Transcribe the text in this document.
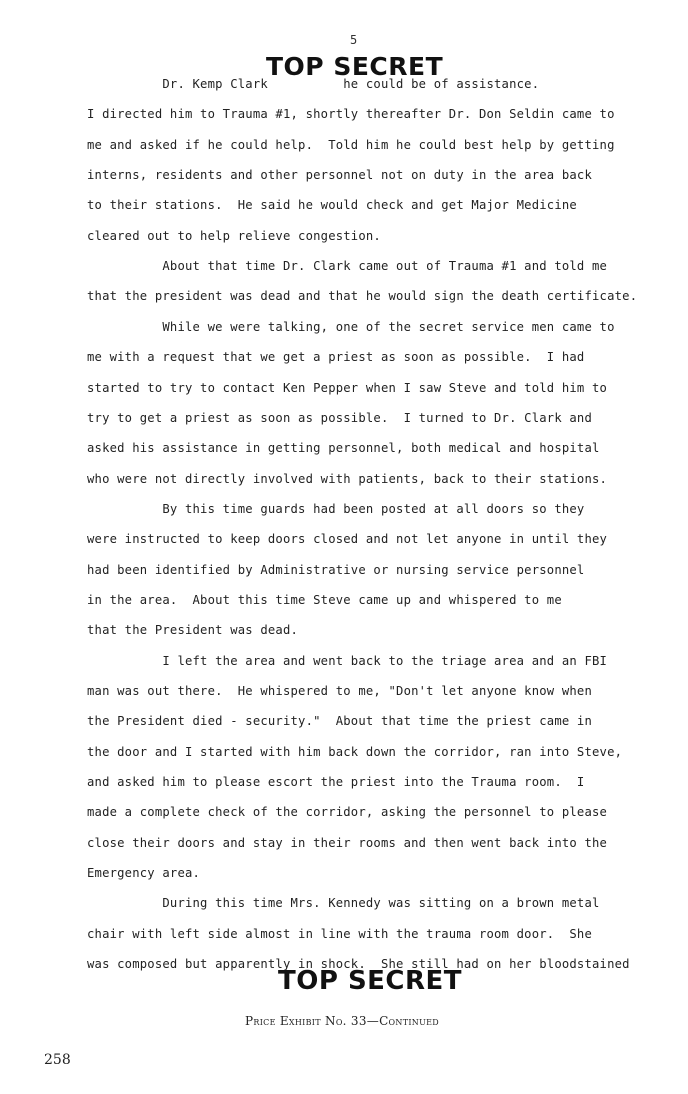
5
Dr. Kemp Clark          he could be of assistance.
I directed him to Trauma #1, shortly thereafter Dr. Don Seldin came to
me and asked if he could help.  Told him he could best help by getting
interns, residents and other personnel not on duty in the area back
to their stations.  He said he would check and get Major Medicine
cleared out to help relieve congestion.
About that time Dr. Clark came out of Trauma #1 and told me
that the president was dead and that he would sign the death certificate.
While we were talking, one of the secret service men came to
me with a request that we get a priest as soon as possible.  I had
started to try to contact Ken Pepper when I saw Steve and told him to
try to get a priest as soon as possible.  I turned to Dr. Clark and
asked his assistance in getting personnel, both medical and hospital
who were not directly involved with patients, back to their stations.
By this time guards had been posted at all doors so they
were instructed to keep doors closed and not let anyone in until they
had been identified by Administrative or nursing service personnel
in the area.  About this time Steve came up and whispered to me
that the President was dead.
I left the area and went back to the triage area and an FBI
man was out there.  He whispered to me, "Don't let anyone know when
the President died - security."  About that time the priest came in
the door and I started with him back down the corridor, ran into Steve,
and asked him to please escort the priest into the Trauma room.  I
made a complete check of the corridor, asking the personnel to please
close their doors and stay in their rooms and then went back into the
Emergency area.
During this time Mrs. Kennedy was sitting on a brown metal
chair with left side almost in line with the trauma room door.  She
was composed but apparently in shock.  She still had on her bloodstained
TOP SECRET
TOP SECRET
Price Exhibit No. 33—Continued
258
